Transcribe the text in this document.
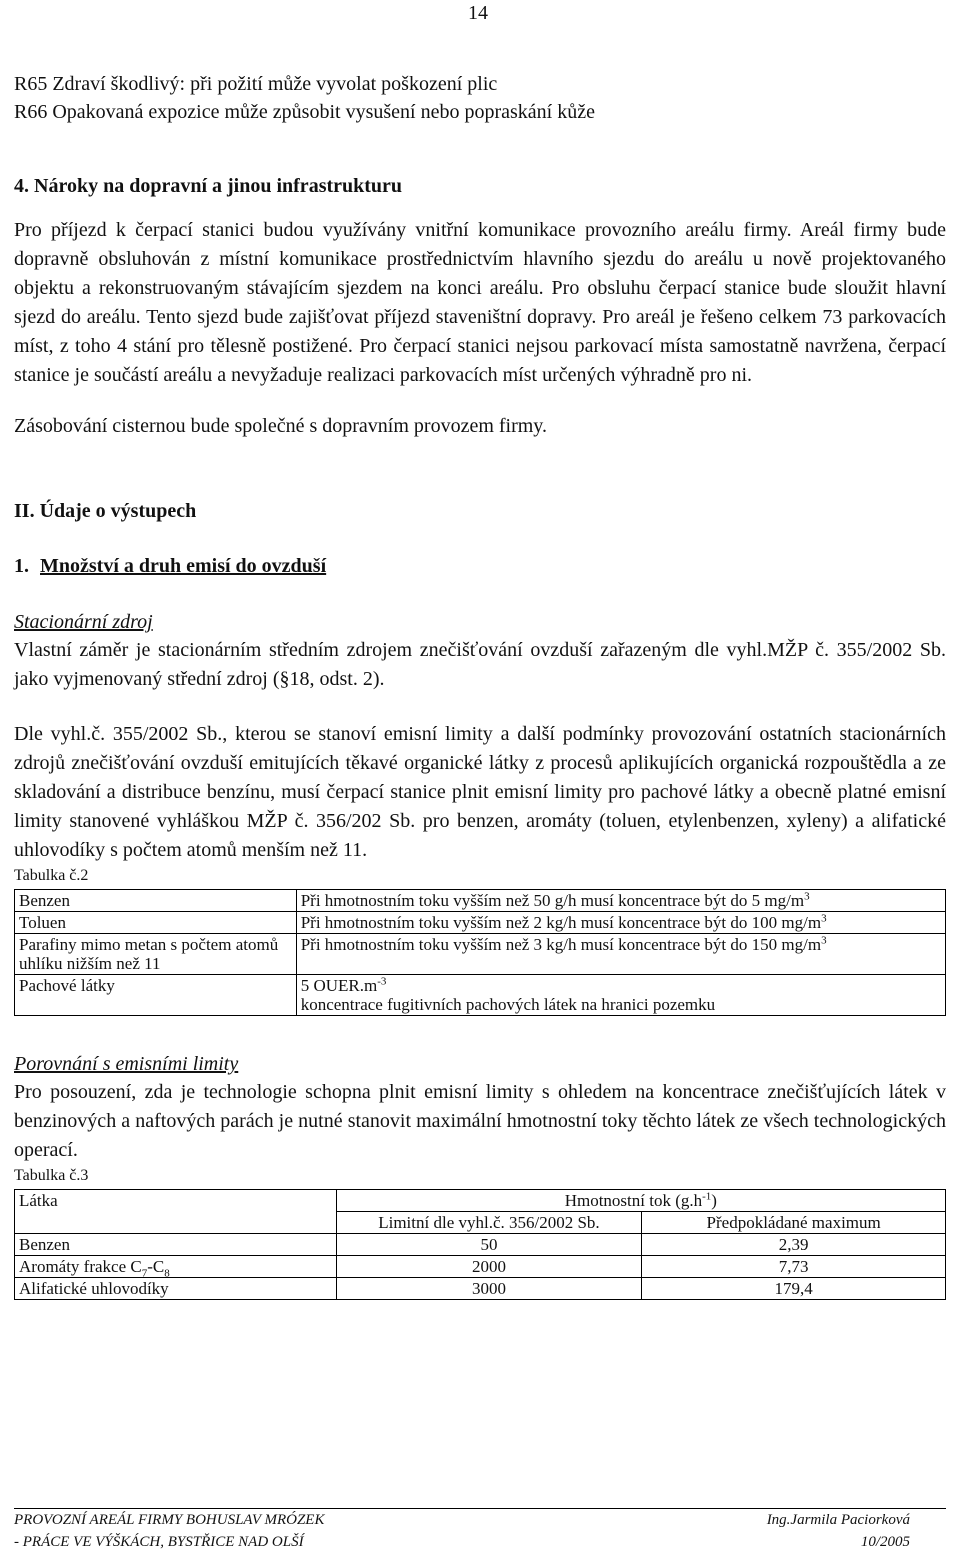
14

R65 Zdraví škodlivý: při požití může vyvolat poškození plic

R66 Opakovaná expozice může způsobit vysušení nebo popraskání kůže

4. Nároky na dopravní a jinou infrastrukturu

Pro příjezd k čerpací stanici budou využívány vnitřní komunikace provozního areálu firmy. Areál firmy bude dopravně obsluhován z místní komunikace prostřednictvím hlavního sjezdu do areálu u nově projektovaného objektu a rekonstruovaným stávajícím sjezdem na konci areálu. Pro obsluhu čerpací stanice bude sloužit hlavní sjezd do areálu. Tento sjezd bude zajišťovat příjezd staveništní dopravy. Pro areál je řešeno celkem 73 parkovacích míst, z toho 4 stání pro tělesně postižené. Pro čerpací stanici nejsou parkovací místa samostatně navržena, čerpací stanice je součástí areálu a nevyžaduje realizaci parkovacích míst určených výhradně pro ni.

Zásobování cisternou bude společné s dopravním provozem firmy.

II. Údaje o výstupech

1. Množství a druh emisí do ovzduší

Stacionární zdroj

Vlastní záměr je stacionárním středním zdrojem znečišťování ovzduší zařazeným dle vyhl.MŽP č. 355/2002 Sb. jako vyjmenovaný střední zdroj (§18, odst. 2).

Dle vyhl.č. 355/2002 Sb., kterou se stanoví emisní limity a další podmínky provozování ostatních stacionárních zdrojů znečišťování ovzduší emitujících těkavé organické látky z procesů aplikujících organická rozpouštědla a ze skladování a distribuce benzínu, musí čerpací stanice plnit emisní limity pro pachové látky a obecně platné emisní limity stanovené vyhláškou MŽP č. 356/202 Sb. pro benzen, aromáty (toluen, etylenbenzen, xyleny) a alifatické uhlovodíky s počtem atomů menším než 11.

Tabulka č.2

Benzen	Při hmotnostním toku vyšším než 50 g/h musí koncentrace být do 5 $mg/m^3$
Toluen	Při hmotnostním toku vyšším než 2 kg/h musí koncentrace být do 100 $mg/m^3$
Parafiny mimo metan s počtem atomů uhlíku nižším než 11	Při hmotnostním toku vyšším než 3 kg/h musí koncentrace být do 150 $mg/m^3$
Pachové látky	5 $OUER.m^{-3}$
koncentrace fugitivních pachových látek na hranici pozemku

Porovnání s emisními limity

Pro posouzení, zda je technologie schopna plnit emisní limity s ohledem na koncentrace znečišťujících látek v benzinových a naftových parách je nutné stanovit maximální hmotnostní toky těchto látek ze všech technologických operací.

Tabulka č.3

Látka	Hmotnostní tok $(g.h^{-1})$	
	Limitní dle vyhl.č. 356/2002 Sb.	Předpokládané maximum
Benzen	50	2,39
Aromáty frakce $C_7-C_8$	2000	7,73
Alifatické uhlovodíky	3000	179,4
PROVOZNÍ AREÁL FIRMY BOHUSLAV MRÓZEK	Ing.Jarmila Paciorková
- PRÁCE VE VÝŠKÁCH, BYSTŘICE NAD OLŠÍ	10/2005
